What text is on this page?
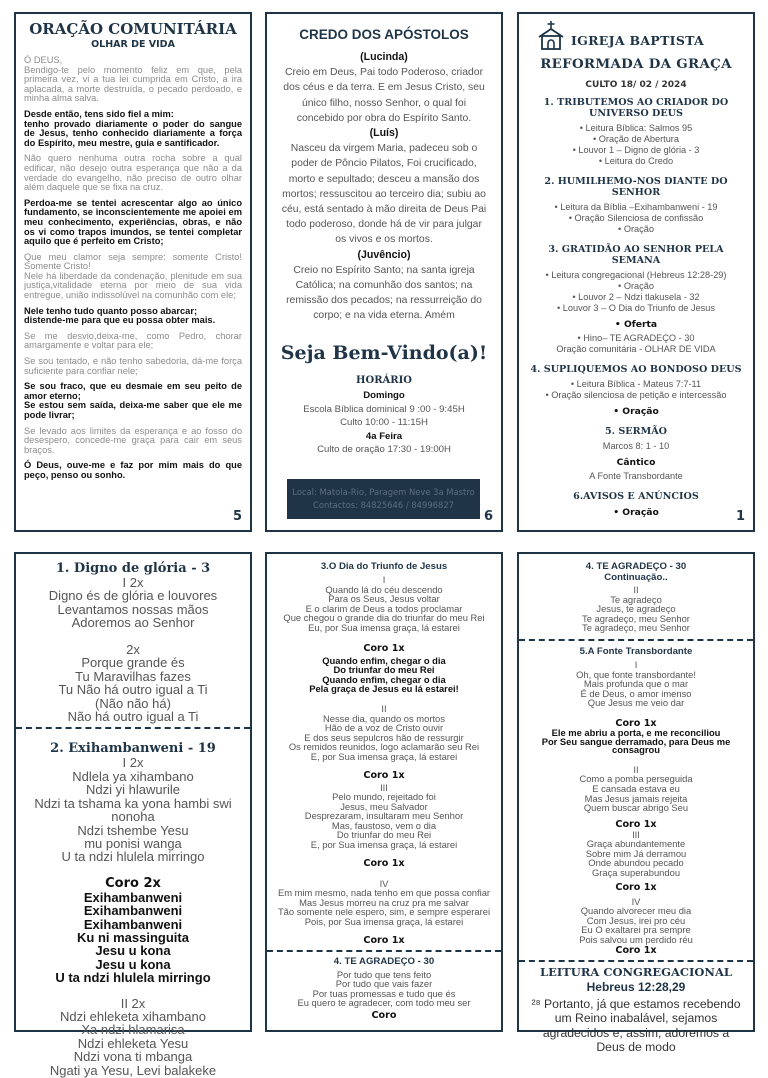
ORAÇÃO COMUNITÁRIA
OLHAR DE VIDA

Ó DEUS,
Bendigo-te pelo momento feliz em que, pela primeira vez, vi a tua lei cumprida em Cristo, a ira aplacada, a morte destruída, o pecado perdoado, e minha alma salva.

Desde então, tens sido fiel a mim:
tenho provado diariamente o poder do sangue de Jesus, tenho conhecido diariamente a força do Espírito, meu mestre, guia e santificador.

Não quero nenhuma outra rocha sobre a qual edificar, não desejo outra esperança que não a da verdade do evangelho, não preciso de outro olhar além daquele que se fixa na cruz.

Perdoa-me se tentei acrescentar algo ao único fundamento, se inconscientemente me apoiei em meu conhecimento, experiências, obras, e não os vi como trapos imundos, se tentei completar aquilo que é perfeito em Cristo;

Que meu clamor seja sempre: somente Cristo! Somente Cristo!
Nele há liberdade da condenação, plenitude em sua justiça,vitalidade eterna por meio de sua vida entregue, união indissolúvel na comunhão com ele;

Nele tenho tudo quanto posso abarcar;
distende-me para que eu possa obter mais.

Se me desvio,deixa-me, como Pedro, chorar amargamente e voltar para ele;

Se sou tentado, e não tenho sabedoria, dá-me força suficiente para confiar nele;

Se sou fraco, que eu desmaie em seu peito de amor eterno;
Se estou sem saída, deixa-me saber que ele me pode livrar;

Se levado aos limites da esperança e ao fosso do desespero, concede-me graça para cair em seus braços.

Ó Deus, ouve-me e faz por mim mais do que peço, penso ou sonho.

5
CREDO DOS APÓSTOLOS
(Lucinda)
Creio em Deus, Pai todo Poderoso, criador dos céus e da terra. E em Jesus Cristo, seu único filho, nosso Senhor, o qual foi concebido por obra do Espírito Santo.
(Luís)
Nasceu da virgem Maria, padeceu sob o poder de Pôncio Pilatos, Foi crucificado, morto e sepultado; desceu a mansão dos mortos; ressuscitou ao terceiro dia; subiu ao céu, está sentado à mão direita de Deus Pai todo poderoso, donde há de vir para julgar os vivos e os mortos.
(Juvêncio)
Creio no Espírito Santo; na santa igreja Católica; na comunhão dos santos; na remissão dos pecados; na ressurreição do corpo; e na vida eterna. Amém
Seja Bem-Vindo(a)!
HORÁRIO
Domingo
Escola Bíblica dominical 9 :00 - 9:45H
Culto 10:00 - 11:15H
4a Feira
Culto de oração 17:30 - 19:00H
Local: Matola-Rio, Paragem Neve 3a Mastro
Contactos: 84825646 / 84996827
6
IGREJA BAPTISTA
REFORMADA DA GRAÇA
CULTO 18/ 02 / 2024
1. TRIBUTEMOS AO CRIADOR DO UNIVERSO DEUS
• Leitura Bíblica: Salmos 95
• Oração de Abertura
• Louvor 1 – Digno de glória - 3
• Leitura do Credo
2. HUMILHEMO-NOS DIANTE DO SENHOR
• Leitura da Bíblia –Exihambanweni - 19
• Oração Silenciosa de confissão
• Oração
3. GRATIDÃO AO SENHOR PELA SEMANA
• Leitura congregacional (Hebreus 12:28-29)
• Oração
• Louvor 2 – Ndzi tlakusela - 32
• Louvor 3 – O Dia do Triunfo de Jesus
• Oferta
• Hino– TE AGRADEÇO - 30
Oração comunitária - OLHAR DE VIDA
4. SUPLIQUEMOS AO BONDOSO DEUS
• Leitura Bíblica - Mateus 7:7-11
• Oração silenciosa de petição e intercessão
• Oração
5. SERMÃO
Marcos 8: 1 - 10
Cântico
A Fonte Transbordante
6.AVISOS E ANÚNCIOS
• Oração	1
1. Digno de glória - 3
I 2x
Digno és de glória e louvores
Levantamos nossas mãos
Adoremos ao Senhor

2x
Porque grande és
Tu Maravilhas fazes
Tu Não há outro igual a Ti
(Não não há)
Não há outro igual a Ti
2. Exihambanweni - 19
I 2x
Ndlela ya xihambano
Ndzi yi hlawurile
Ndzi ta tshama ka yona hambi swi nonoha
Ndzi tshembe Yesu
mu ponisi wanga
U ta ndzi hlulela mirringo
Coro 2x
Exihambanweni
Exihambanweni
Exihambanweni
Ku ni massinguita
Jesu u kona
Jesu u kona
U ta ndzi hlulela mirringo
II 2x
Ndzi ehleketa xihambano
Xa ndzi hlamarisa
Ndzi ehleketa Yesu
Ndzi vona ti mbanga
Ngati ya Yesu, Levi balakeke
3.O Dia do Triunfo de Jesus
I
Quando lá do céu descendo
Para os Seus, Jesus voltar
E o clarim de Deus a todos proclamar
Que chegou o grande dia do triunfar do meu Rei
Eu, por Sua imensa graça, lá estarei
Coro 1x
Quando enfim, chegar o dia
Do triunfar do meu Rei
Quando enfim, chegar o dia
Pela graça de Jesus eu lá estarei!
II
Nesse dia, quando os mortos
Hão de a voz de Cristo ouvir
E dos seus sepulcros hão de ressurgir
Os remidos reunidos, logo aclamarão seu Rei
E, por Sua imensa graça, lá estarei
Coro 1x
III
Pelo mundo, rejeitado foi
Jesus, meu Salvador
Desprezaram, insultaram meu Senhor
Mas, faustoso, vem o dia
Do triunfar do meu Rei
E, por Sua imensa graça, lá estarei
Coro 1x
IV
Em mim mesmo, nada tenho em que possa confiar
Mas Jesus morreu na cruz pra me salvar
Tão somente nele espero, sim, e sempre esperarei
Pois, por Sua imensa graça, lá estarei
Coro 1x
4. TE AGRADEÇO - 30
Por tudo que tens feito
Por tudo que vais fazer
Por tuas promessas e tudo que és
Eu quero te agradecer, com todo meu ser
Coro
4. TE AGRADEÇO - 30
Continuação..
II
Te agradeço
Jesus, te agradeço
Te agradeço, meu Senhor
Te agradeço, meu Senhor
5.A Fonte Transbordante
I
Oh, que fonte transbordante!
Mais profunda que o mar
É de Deus, o amor imenso
Que Jesus me veio dar
Coro 1x
Ele me abriu a porta, e me reconciliou
Por Seu sangue derramado, para Deus me consagrou
II
Como a pomba perseguida
E cansada estava eu
Mas Jesus jamais rejeita
Quem buscar abrigo Seu
Coro 1x
III
Graça abundantemente
Sobre mim Já derramou
Onde abundou pecado
Graça superabundou
Coro 1x
IV
Quando alvorecer meu dia
Com Jesus, irei pro céu
Eu O exaltarei pra sempre
Pois salvou um perdido réu
Coro 1x
LEITURA CONGREGACIONAL
Hebreus 12:28,29
²⁸ Portanto, já que estamos recebendo um Reino inabalável, sejamos agradecidos e, assim, adoremos a Deus de modo
